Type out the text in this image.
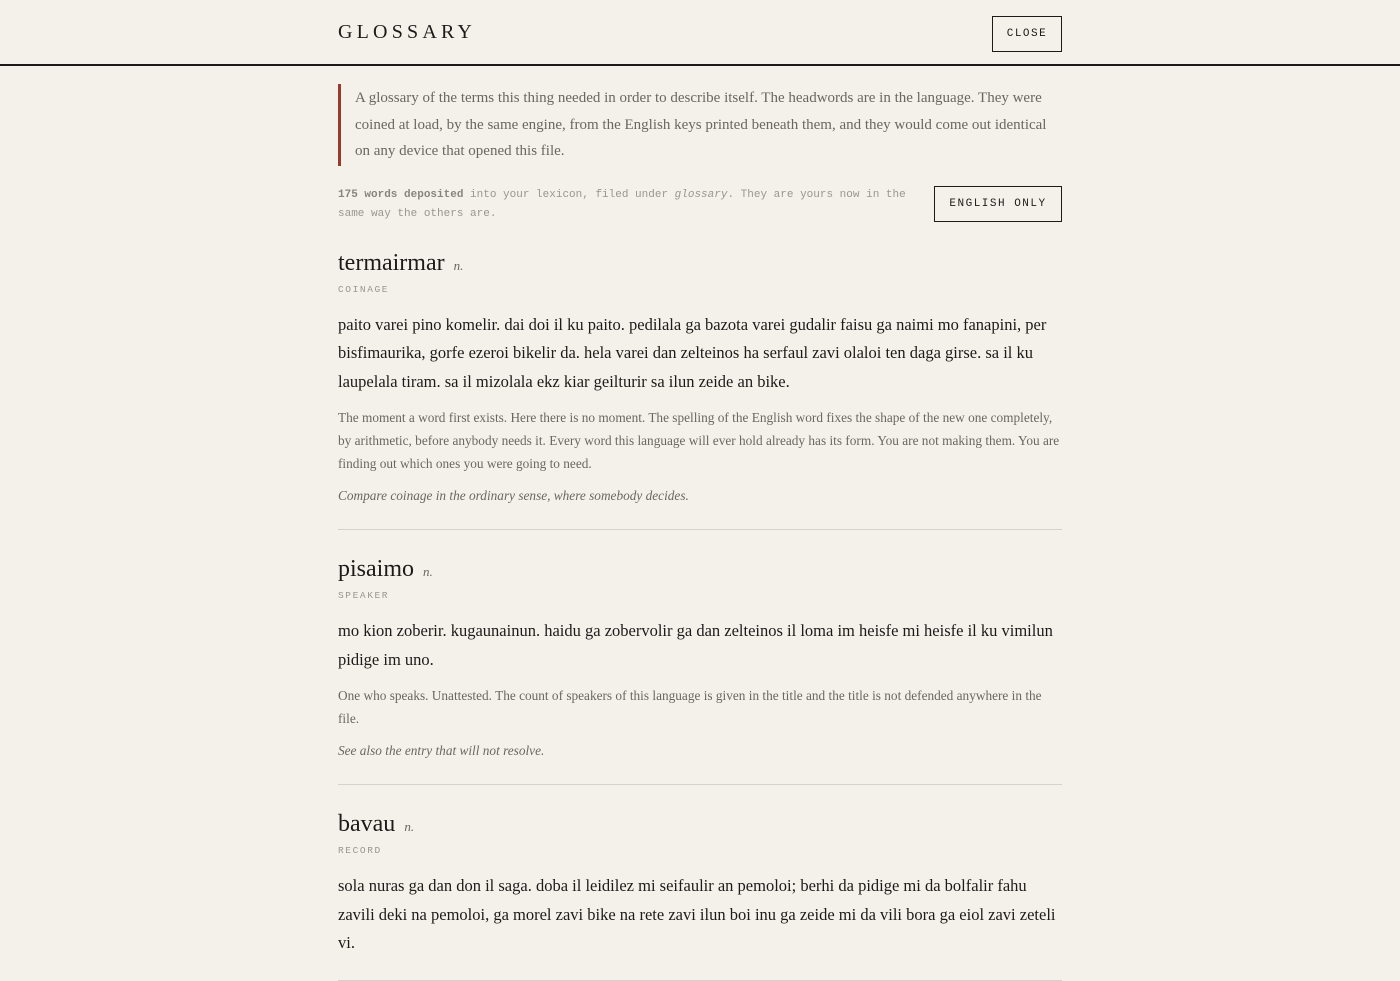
GLOSSARY	CLOSE

A glossary of the terms this thing needed in order to describe itself. The headwords are in the language. They were coined at load, by the same engine, from the English keys printed beneath them, and they would come out identical on any device that opened this file.

175 words deposited into your lexicon, filed under glossary. They are yours now in the same way the others are.
ENGLISH ONLY
termairmar n.
COINAGE
paito varei pino komelir. dai doi il ku paito. pedilala ga bazota varei gudalir faisu ga naimi mo fanapini, per bisfimaurika, gorfe ezeroi bikelir da. hela varei dan zelteinos ha serfaul zavi olaloi ten daga girse. sa il ku laupelala tiram. sa il mizolala ekz kiar geilturir sa ilun zeide an bike.
The moment a word first exists. Here there is no moment. The spelling of the English word fixes the shape of the new one completely, by arithmetic, before anybody needs it. Every word this language will ever hold already has its form. You are not making them. You are finding out which ones you were going to need.
Compare coinage in the ordinary sense, where somebody decides.
pisaimo n.
SPEAKER
mo kion zoberir. kugaunainun. haidu ga zobervolir ga dan zelteinos il loma im heisfe mi heisfe il ku vimilun pidige im uno.
One who speaks. Unattested. The count of speakers of this language is given in the title and the title is not defended anywhere in the file.
See also the entry that will not resolve.
bavau n.
RECORD
sola nuras ga dan don il saga. doba il leidilez mi seifaulir an pemoloi; berhi da pidige mi da bolfalir fahu zavili deki na pemoloi, ga morel zavi bike na rete zavi ilun boi inu ga zeide mi da vili bora ga eiol zavi zeteli vi.
